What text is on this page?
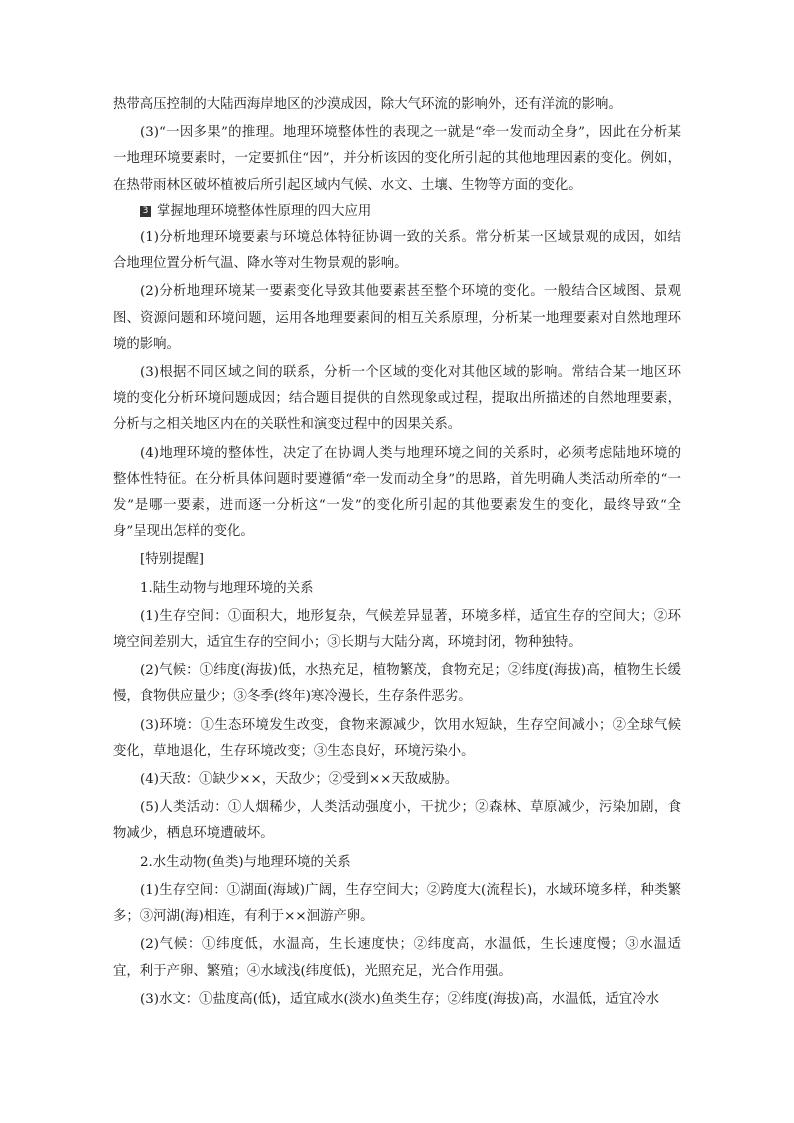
热带高压控制的大陆西海岸地区的沙漠成因，除大气环流的影响外，还有洋流的影响。

(3)“一因多果”的推理。地理环境整体性的表现之一就是“牵一发而动全身”，因此在分析某一地理环境要素时，一定要抓住“因”，并分析该因的变化所引起的其他地理因素的变化。例如，在热带雨林区破坏植被后所引起区域内气候、水文、土壤、生物等方面的变化。

3 掌握地理环境整体性原理的四大应用

(1)分析地理环境要素与环境总体特征协调一致的关系。常分析某一区域景观的成因，如结合地理位置分析气温、降水等对生物景观的影响。

(2)分析地理环境某一要素变化导致其他要素甚至整个环境的变化。一般结合区域图、景观图、资源问题和环境问题，运用各地理要素间的相互关系原理，分析某一地理要素对自然地理环境的影响。

(3)根据不同区域之间的联系，分析一个区域的变化对其他区域的影响。常结合某一地区环境的变化分析环境问题成因；结合题目提供的自然现象或过程，提取出所描述的自然地理要素，分析与之相关地区内在的关联性和演变过程中的因果关系。

(4)地理环境的整体性，决定了在协调人类与地理环境之间的关系时，必须考虑陆地环境的整体性特征。在分析具体问题时要遵循“牵一发而动全身”的思路，首先明确人类活动所牵的“一发”是哪一要素，进而逐一分析这“一发”的变化所引起的其他要素发生的变化，最终导致“全身”呈现出怎样的变化。

[特别提醒]

1.陆生动物与地理环境的关系

(1)生存空间：①面积大，地形复杂，气候差异显著，环境多样，适宜生存的空间大；②环境空间差别大，适宜生存的空间小；③长期与大陆分离，环境封闭，物种独特。

(2)气候：①纬度(海拔)低，水热充足，植物繁茂，食物充足；②纬度(海拔)高，植物生长缓慢，食物供应量少；③冬季(终年)寒冷漫长，生存条件恶劣。

(3)环境：①生态环境发生改变，食物来源减少，饮用水短缺，生存空间减小；②全球气候变化，草地退化，生存环境改变；③生态良好，环境污染小。

(4)天敌：①缺少××，天敌少；②受到××天敌威胁。

(5)人类活动：①人烟稀少，人类活动强度小，干扰少；②森林、草原减少，污染加剧，食物减少，栖息环境遭破坏。

2.水生动物(鱼类)与地理环境的关系

(1)生存空间：①湖面(海域)广阔，生存空间大；②跨度大(流程长)，水域环境多样，种类繁多；③河湖(海)相连，有利于××洄游产卵。

(2)气候：①纬度低，水温高，生长速度快；②纬度高，水温低，生长速度慢；③水温适宜，利于产卵、繁殖；④水域浅(纬度低)，光照充足，光合作用强。

(3)水文：①盐度高(低)，适宜咸水(淡水)鱼类生存；②纬度(海拔)高，水温低，适宜冷水
